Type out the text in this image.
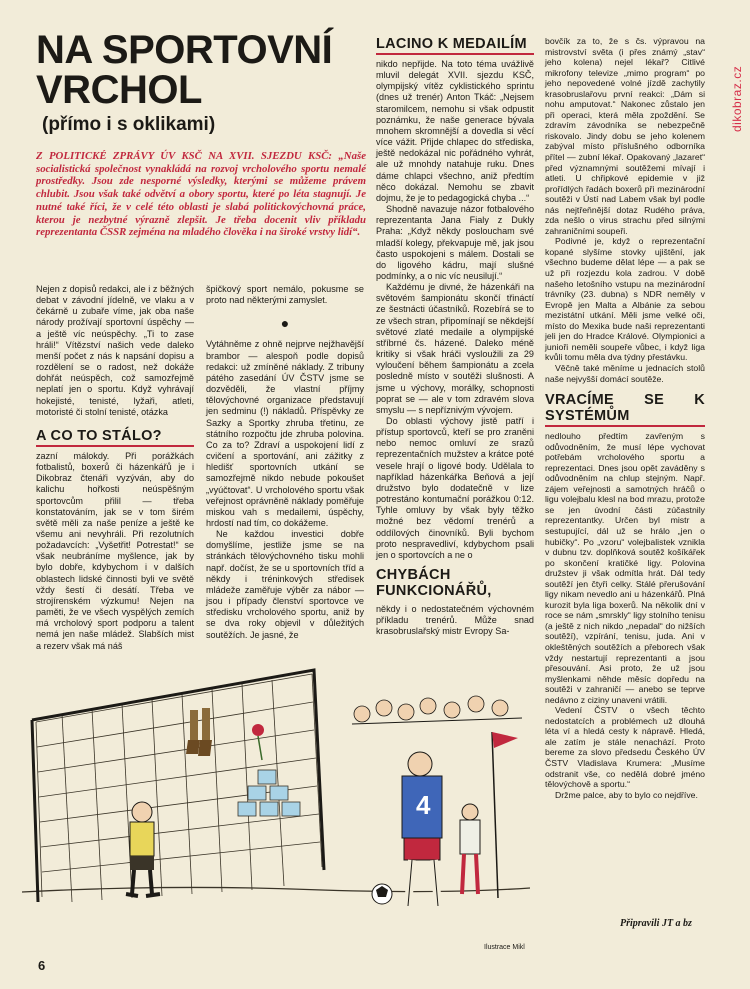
dikobraz.cz
NA SPORTOVNÍ VRCHOL
(přímo i s oklikami)
Z POLITICKÉ ZPRÁVY ÚV KSČ NA XVII. SJEZDU KSČ: „Naše socialistická společnost vynakládá na rozvoj vrcholového sportu nemalé prostředky. Jsou zde nesporné výsledky, kterými se můžeme právem chlubit. Jsou však také odvětví a obory sportu, které po léta stagnují. Je nutné také říci, že v celé této oblasti je slabá politickovýchovná práce, kterou je nezbytné výrazně zlepšit. Je třeba docenit vliv příkladu reprezentanta ČSSR zejména na mladého člověka i na široké vrstvy lidí“.

Nejen z dopisů redakci, ale i z běžných debat v závodní jídelně, ve vlaku a v čekárně u zubaře víme, jak oba naše národy prožívají sportovní úspěchy — a ještě víc neúspěchy. „Ti to zase hráli!“ Vítězství našich vede daleko menší počet z nás k napsání dopisu a rozdělení se o radost, než dokáže dohřát neúspěch, což samozřejmě neplatí jen o sportu. Když vyhrávají hokejisté, tenisté, lyžaři, atleti, motoristé či stolní tenisté, otázka

A CO TO STÁLO?

zazní málokdy. Při porážkách fotbalistů, boxerů či házenkářů je i Dikobraz čtenáři vyzýván, aby do kalichu hořkosti neúspěšným sportovcům přilil — třeba konstatováním, jak se v tom širém světě měli za naše peníze a ještě ke všemu ani nevyhráli. Při rezolutních požadavcích: „Vyšetřit! Potrestat!“ se však neubráníme myšlence, jak by bylo dobře, kdybychom i v dalších oblastech lidské činnosti byli ve světě vždy šestí či desátí. Třeba ve strojírenském výzkumu! Nejen na paměti, že ve všech vyspělých zemích má vrcholový sport podporu a talent nemá jen naše mládež. Slabších mist a rezerv však má náš

špičkový sport nemálo, pokusme se proto nad některými zamyslet.

●

Vytáhněme z ohně nejprve nejžhavější brambor — alespoň podle dopisů redakci: už zmíněné náklady. Z tribuny pátého zasedání ÚV ČSTV jsme se dozvěděli, že vlastní příjmy tělovýchovné organizace představují jen sedminu (!) nákladů. Příspěvky ze Sazky a Sportky zhruba třetinu, ze státního rozpočtu jde zhruba polovina. Co za to? Zdraví a uspokojení lidí z cvičení a sportování, ani zážitky z hledišť sportovních utkání se samozřejmě nikdo nebude pokoušet „vyúčtovat“. U vrcholového sportu však veřejnost oprávněně náklady poměřuje miskou vah s medailemi, úspěchy, hrdostí nad tím, co dokážeme.

Ne každou investici dobře domyšlíme, jestliže jsme se na stránkách tělovýchovného tisku mohli např. dočíst, že se u sportovních tříd a někdy i tréninkových středisek mládeže zaměřuje výběr za nábor — jsou i případy členství sportovce ve středisku vrcholového sportu, aniž by se dva roky objevil v důležitých soutěžích. Je jasné, že

LACINO K MEDAILÍM

nikdo nepřijde. Na toto téma uvážlivě mluvil delegát XVII. sjezdu KSČ, olympijský vítěz cyklistického sprintu (dnes už trenér) Anton Tkáč: „Nejsem staromilcem, nemohu si však odpustit poznámku, že naše generace bývala mnohem skromnější a dovedla si věcí více vážit. Přijde chlapec do střediska, ještě nedokázal nic pořádného vyhrát, ale už mnohdy natahuje ruku. Dnes dáme chlapci všechno, aniž předtím něco dokázal. Nemohu se zbavit dojmu, že je to pedagogická chyba ...“

Shodně navazuje názor fotbalového reprezentanta Jana Fialy z Dukly Praha: „Když někdy posloucham své mladší kolegy, překvapuje mě, jak jsou často uspokojeni s málem. Dostali se do ligového kádru, mají slušné podmínky, a o nic víc neusilují.“

Každému je divné, že házenkáři na světovém šampionátu skončí třináctí ze šestnácti účastníků. Rozebírá se to ze všech stran, připomínají se někdejší světové zlaté medaile a olympijské stříbrné čs. házené. Daleko méně kritiky si však hráči vysloužili za 29 vyloučení během šampionátu a zcela posledně místo v soutěži slušnosti. A jsme u výchovy, morálky, schopnosti poprat se — ale v tom zdravém slova smyslu — s nepříznivým vývojem.

Do oblasti výchovy jistě patří i přístup sportovců, kteří se pro zraněni nebo nemoc omluví ze srazů reprezentačních mužstev a krátce poté vesele hrají o ligové body. Udělala to například házenkářka Beňová a její družstvo bylo dodatečně v lize potrestáno kontumační porážkou 0:12. Tyhle omluvy by však byly těžko možné bez vědomí trenérů a oddílových činovníků. Byli bychom proto nespravedliví, kdybychom psali jen o sportovcích a ne o

CHYBÁCH FUNKCIONÁŘŮ,

někdy i o nedostatečném výchovném příkladu trenérů. Může snad krasobruslařský mistr Evropy Sa-

bovčík za to, že s čs. výpravou na mistrovství světa (i přes známý „stav“ jeho kolena) nejel lékař? Citlivé mikrofony televize „mimo program“ po jeho nepovedené volné jízdě zachytily krasobruslařovu první reakci: „Dám si nohu amputovat.“ Nakonec zůstalo jen při operaci, která měla zpoždění. Se zdravím závodníka se nebezpečně riskovalo. Jindy dobu se jeho kolenem zabýval místo příslušného odborníka přítel — zubní lékař. Opakovaný „lazaret“ před významnými soutěžemi mívají i atleti. U chřipkové epidemie v již prořídlých řadách boxerů při mezinárodní soutěži v Ústí nad Labem však byl podle nás nejtřeňnější dotaz Rudého práva, zda nešlo o virus strachu před silnými zahraničními soupeři.

Podivné je, když o reprezentační kopané slyšíme stovky ujištění, jak všechno budeme dělat lépe — a pak se už při rozjezdu kola zadrou. V době našeho letošního vstupu na mezinárodní trávníky (23. dubna) s NDR neměly v Evropě jen Malta a Albánie za sebou mezistátní utkání. Měli jsme velké oči, místo do Mexika bude naši reprezentanti jeli jen do Hradce Králové. Olympionici a junioři neměli soupeře vůbec, i když liga kvůli tomu měla dva týdny přestávku.

Věčně také měníme u jednacích stolů naše nejvyšší domácí soutěže.

VRACÍME SE K SYSTÉMŮM

nedlouho předtím zavřeným s odůvodněním, že musí lépe vychovat potřebám vrcholového sportu a reprezentaci. Dnes jsou opět zaváděny s odůvodněním na chlup stejným. Např. zájem veřejnosti a samotných hráčů o ligu volejbalu klesl na bod mrazu, protože se jen úvodní části zúčastnily reprezentantky. Určen byl mistr a sestupující, dál už se hrálo „jen o hubičky“. Po „vzoru“ volejbalistek vznikla v dubnu tzv. doplňková soutěž košíkářek po skončení kratičké ligy. Polovina družstev ji však odmítla hrát. Dál tedy soutěží jen čtyři celky. Stálé přerušování ligy nikam nevedlo ani u házenkářů. Plná kurozit byla liga boxerů. Na několik dní v roce se nám „smrskly“ ligy stolního tenisu (a ještě z nich nikdo „nepadal“ do nižších soutěží), vzpírání, tenisu, juda. Ani v okleštěných soutěžích a přeborech však vždy nestartují reprezentanti a jsou přesouvání. Asi proto, že už jsou myšlenkami něhde měsíc dopředu na soutěži v zahraničí — anebo se teprve nedávno z ciziny unaveni vrátili.

Vedení ČSTV o všech těchto nedostatcích a problémech už dlouhá léta ví a hledá cesty k nápravě. Hledá, ale zatím je stále nenachází. Proto bereme za slovo předsedu Českého ÚV ČSTV Vladislava Krumera: „Musíme odstranit vše, co nedělá dobré jméno tělovýchově a sportu.“

Držme palce, aby to bylo co nejdříve.

4
Ilustrace Mikl
Připravili JT a bz
6
